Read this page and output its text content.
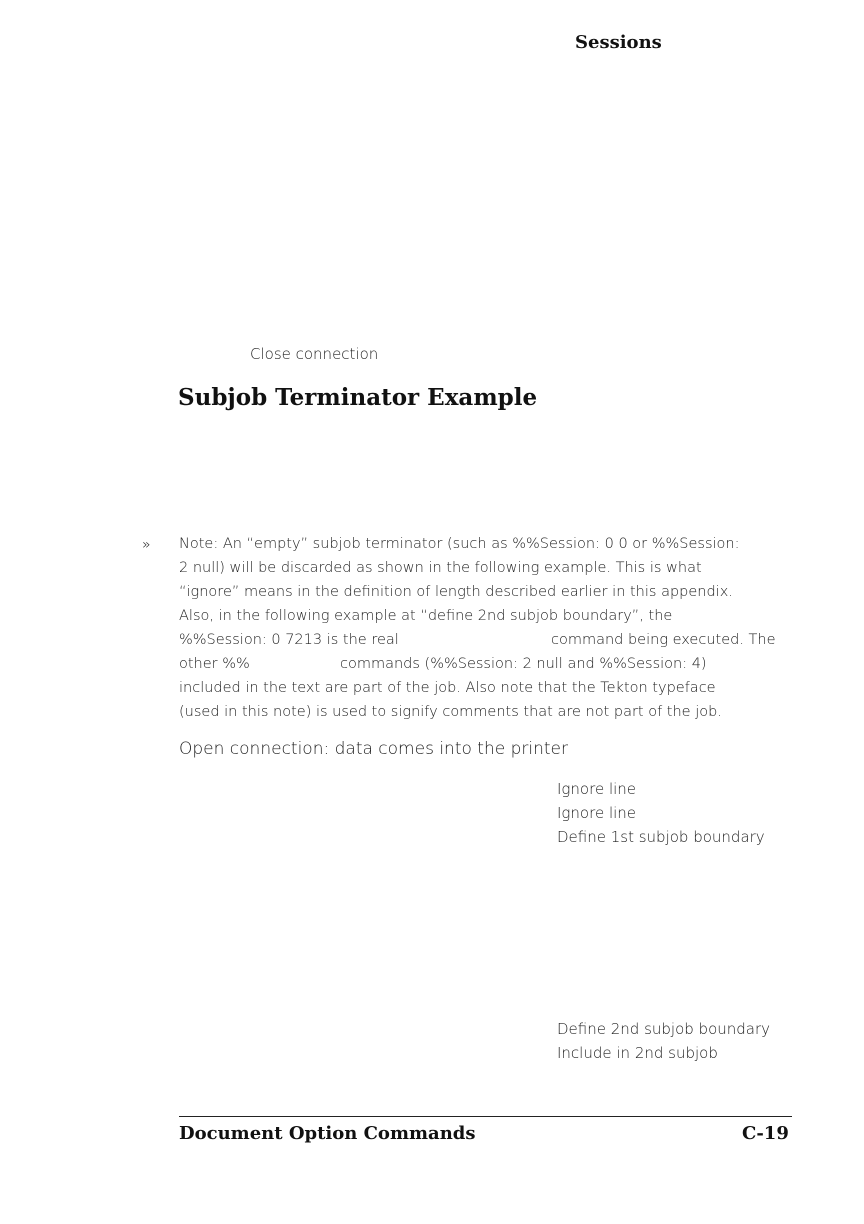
Sessions
Close connection
Subjob Terminator Example
» Note: An “empty” subjob terminator (such as %%Session: 0 0 or %%Session:
2 null) will be discarded as shown in the following example. This is what
“ignore” means in the definition of length described earlier in this appendix.
Also, in the following example at “define 2nd subjob boundary”, the
%%Session: 0 7213 is the real	command being executed. The
other %%	commands (%%Session: 2 null and %%Session: 4)
included in the text are part of the job. Also note that the Tekton typeface
(used in this note) is used to signify comments that are not part of the job.
Open connection: data comes into the printer
Ignore line
Ignore line
Define 1st subjob boundary
Define 2nd subjob boundary
Include in 2nd subjob
Document Option Commands	C-19
